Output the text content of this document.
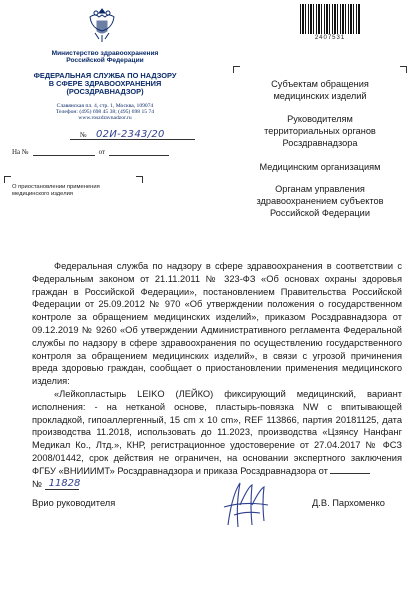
2407531
Министерство здравоохранения
Российской Федерации
ФЕДЕРАЛЬНАЯ СЛУЖБА ПО НАДЗОРУ
В СФЕРЕ ЗДРАВООХРАНЕНИЯ
(РОСЗДРАВНАДЗОР)
Славянская пл. 4, стр. 1, Москва, 109074
Телефон: (495) 698 45 38; (495) 698 15 74
www.roszdravnadzor.ru
№ 02И-2343/20
На №	от
О приостановлении применения
медицинского изделия
Субъектам обращения
медицинских изделий
Руководителям
территориальных органов
Росздравнадзора
Медицинским организациям
Органам управления
здравоохранением субъектов
Российской Федерации

Федеральная служба по надзору в сфере здравоохранения в соответствии с Федеральным законом от 21.11.2011 № 323-ФЗ «Об основах охраны здоровья граждан в Российской Федерации», постановлением Правительства Российской Федерации от 25.09.2012 № 970 «Об утверждении положения о государственном контроле за обращением медицинских изделий», приказом Росздравнадзора от 09.12.2019 № 9260 «Об утверждении Административного регламента Федеральной службы по надзору в сфере здравоохранения по осуществлению государственного контроля за обращением медицинских изделий», в связи с угрозой причинения вреда здоровью граждан, сообщает о приостановлении применения медицинского изделия:

«Лейкопластырь LEIKO (ЛЕЙКО) фиксирующий медицинский, вариант исполнения: - на нетканой основе, пластырь-повязка NW с впитывающей прокладкой, гипоаллергенный, 15 cm x 10 cm», REF 113866, партия 20181125, дата производства 11.2018, использовать до 11.2023, производства «Цзянсу Нанфанг Медикал Ко., Лтд.», КНР, регистрационное удостоверение от 27.04.2017 № ФСЗ 2008/01442, срок действия не ограничен, на основании экспертного заключения ФГБУ «ВНИИИМТ» Росздравнадзора и приказа Росздравнадзора от

№
11828
Врио руководителя	Д.В. Пархоменко
